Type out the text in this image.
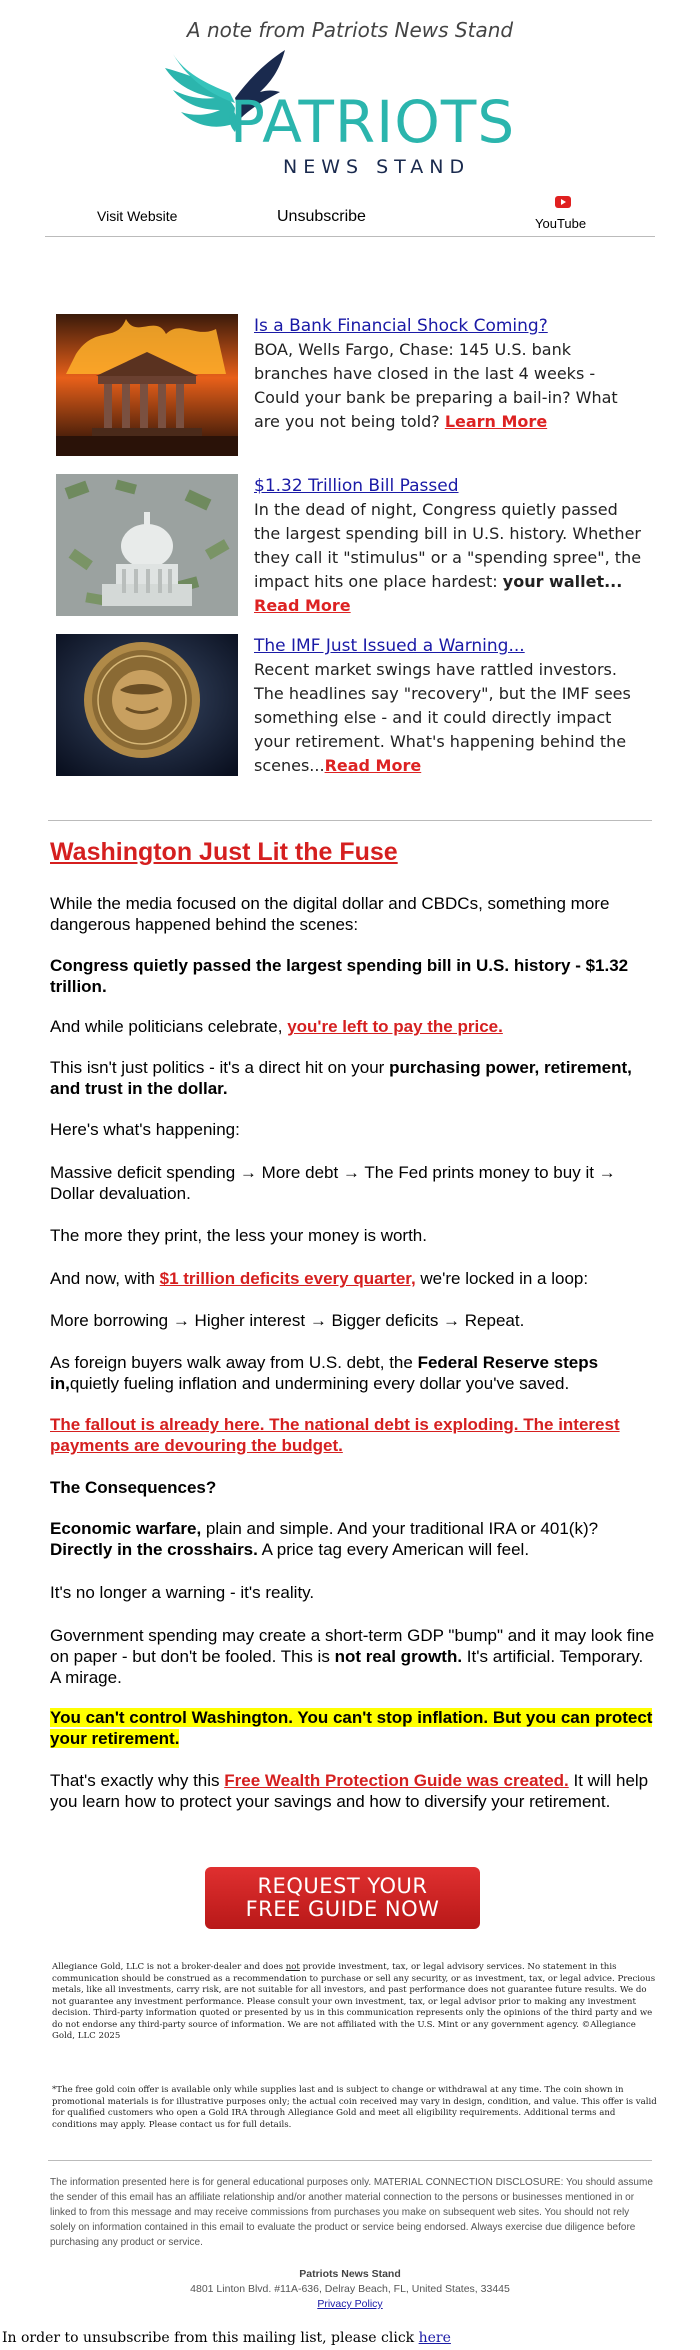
A note from Patriots News Stand
PATRIOTS
NEWS STAND
Visit Website	Unsubscribe	YouTube
Is a Bank Financial Shock Coming?
BOA, Wells Fargo, Chase: 145 U.S. bank branches have closed in the last 4 weeks - Could your bank be preparing a bail-in? What are you not being told? Learn More
$1.32 Trillion Bill Passed
In the dead of night, Congress quietly passed the largest spending bill in U.S. history. Whether they call it "stimulus" or a "spending spree", the impact hits one place hardest: your wallet... Read More
The IMF Just Issued a Warning...
Recent market swings have rattled investors. The headlines say "recovery", but the IMF sees something else - and it could directly impact your retirement. What's happening behind the scenes...Read More
Washington Just Lit the Fuse
While the media focused on the digital dollar and CBDCs, something more dangerous happened behind the scenes:
Congress quietly passed the largest spending bill in U.S. history - $1.32 trillion.
And while politicians celebrate, you're left to pay the price.
This isn't just politics - it's a direct hit on your purchasing power, retirement, and trust in the dollar.
Here's what's happening:
Massive deficit spending → More debt → The Fed prints money to buy it → Dollar devaluation.
The more they print, the less your money is worth.
And now, with $1 trillion deficits every quarter, we're locked in a loop:
More borrowing → Higher interest → Bigger deficits → Repeat.
As foreign buyers walk away from U.S. debt, the Federal Reserve steps in,quietly fueling inflation and undermining every dollar you've saved.
The fallout is already here. The national debt is exploding. The interest payments are devouring the budget.
The Consequences?
Economic warfare, plain and simple. And your traditional IRA or 401(k)? Directly in the crosshairs. A price tag every American will feel.
It's no longer a warning - it's reality.
Government spending may create a short-term GDP "bump" and it may look fine on paper - but don't be fooled. This is not real growth. It's artificial. Temporary. A mirage.
You can't control Washington. You can't stop inflation. But you can protect your retirement.
That's exactly why this Free Wealth Protection Guide was created. It will help you learn how to protect your savings and how to diversify your retirement.
REQUEST YOUR
FREE GUIDE NOW
Allegiance Gold, LLC is not a broker-dealer and does not provide investment, tax, or legal advisory services. No statement in this communication should be construed as a recommendation to purchase or sell any security, or as investment, tax, or legal advice. Precious metals, like all investments, carry risk, are not suitable for all investors, and past performance does not guarantee future results. We do not guarantee any investment performance. Please consult your own investment, tax, or legal advisor prior to making any investment decision. Third-party information quoted or presented by us in this communication represents only the opinions of the third party and we do not endorse any third-party source of information. We are not affiliated with the U.S. Mint or any government agency. ©Allegiance Gold, LLC 2025
*The free gold coin offer is available only while supplies last and is subject to change or withdrawal at any time. The coin shown in promotional materials is for illustrative purposes only; the actual coin received may vary in design, condition, and value. This offer is valid for qualified customers who open a Gold IRA through Allegiance Gold and meet all eligibility requirements. Additional terms and conditions may apply. Please contact us for full details.
The information presented here is for general educational purposes only. MATERIAL CONNECTION DISCLOSURE: You should assume the sender of this email has an affiliate relationship and/or another material connection to the persons or businesses mentioned in or linked to from this message and may receive commissions from purchases you make on subsequent web sites. You should not rely solely on information contained in this email to evaluate the product or service being endorsed. Always exercise due diligence before purchasing any product or service.
Patriots News Stand
4801 Linton Blvd. #11A-636, Delray Beach, FL, United States, 33445
Privacy Policy
In order to unsubscribe from this mailing list, please click here
